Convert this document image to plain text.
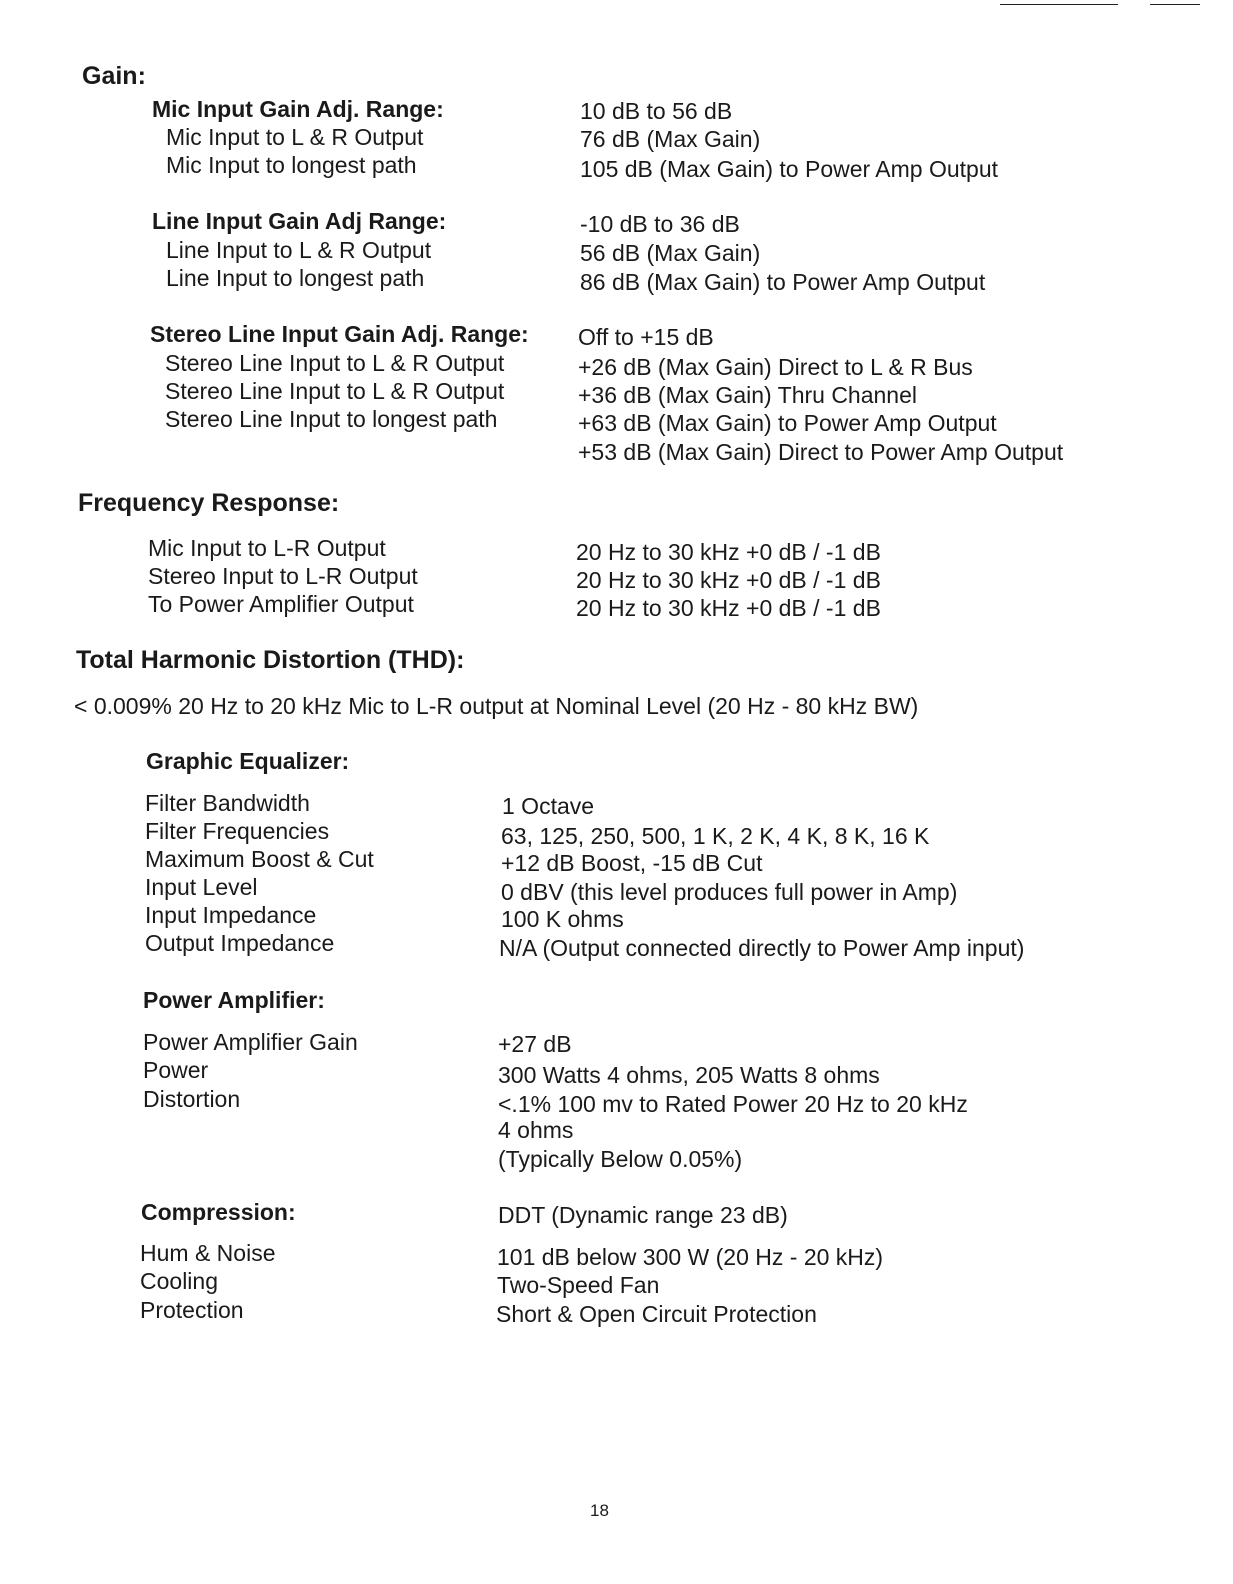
Gain:
Mic Input Gain Adj. Range:	10 dB to 56 dB
Mic Input to L & R Output	76 dB (Max Gain)
Mic Input to longest path	105 dB (Max Gain) to Power Amp Output
Line Input Gain Adj Range:	-10 dB to 36 dB
Line Input to L & R Output	56 dB (Max Gain)
Line Input to longest path	86 dB (Max Gain) to Power Amp Output
Stereo Line Input Gain Adj. Range: Off to +15 dB
Stereo Line Input to L & R Output	+26 dB (Max Gain) Direct to L & R Bus
Stereo Line Input to L & R Output	+36 dB (Max Gain) Thru Channel
Stereo Line Input to longest path	+63 dB (Max Gain) to Power Amp Output
+53 dB (Max Gain) Direct to Power Amp Output
Frequency Response:
Mic Input to L-R Output	20 Hz to 30 kHz +0 dB / -1 dB
Stereo Input to L-R Output	20 Hz to 30 kHz +0 dB / -1 dB
To Power Amplifier Output	20 Hz to 30 kHz +0 dB / -1 dB
Total Harmonic Distortion (THD):
< 0.009% 20 Hz to 20 kHz Mic to L-R output at Nominal Level (20 Hz - 80 kHz BW)
Graphic Equalizer:
Filter Bandwidth	1 Octave
Filter Frequencies	63, 125, 250, 500, 1 K, 2 K, 4 K, 8 K, 16 K
Maximum Boost & Cut	+12 dB Boost, -15 dB Cut
Input Level	0 dBV (this level produces full power in Amp)
Input Impedance	100 K ohms
Output Impedance	N/A (Output connected directly to Power Amp input)
Power Amplifier:
Power Amplifier Gain	+27 dB
Power	300 Watts 4 ohms, 205 Watts 8 ohms
Distortion	<.1% 100 mv to Rated Power 20 Hz to 20 kHz
4 ohms
(Typically Below 0.05%)
Compression:	DDT (Dynamic range 23 dB)
Hum & Noise	101 dB below 300 W (20 Hz - 20 kHz)
Cooling	Two-Speed Fan
Protection	Short & Open Circuit Protection
18
